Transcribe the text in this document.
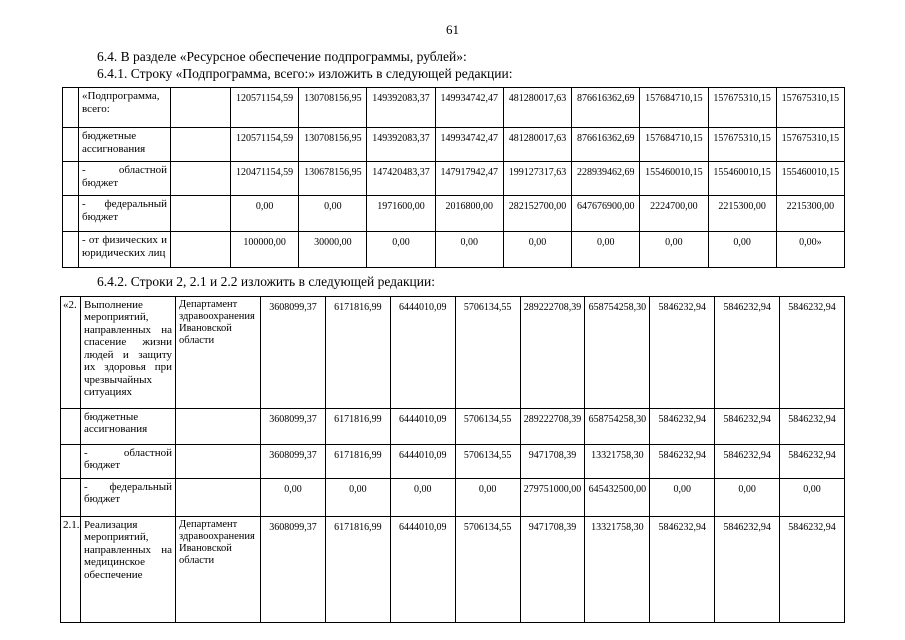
61

6.4. В разделе «Ресурсное обеспечение подпрограммы, рублей»:

6.4.1. Строку «Подпрограмма, всего:» изложить в следующей редакции:

	«Подпрограмма, всего:		120571154,59	130708156,95	149392083,37	149934742,47	481280017,63	876616362,69	157684710,15	157675310,15	157675310,15
	бюджетные ассигнования		120571154,59	130708156,95	149392083,37	149934742,47	481280017,63	876616362,69	157684710,15	157675310,15	157675310,15
	- областной бюджет		120471154,59	130678156,95	147420483,37	147917942,47	199127317,63	228939462,69	155460010,15	155460010,15	155460010,15
	- федеральный бюджет		0,00	0,00	1971600,00	2016800,00	282152700,00	647676900,00	2224700,00	2215300,00	2215300,00
	- от физических и юридических лиц		100000,00	30000,00	0,00	0,00	0,00	0,00	0,00	0,00	0,00»

6.4.2. Строки 2, 2.1 и 2.2 изложить в следующей редакции:

«2.	Выполнение мероприятий, направленных на спасение жизни людей и защиту их здоровья при чрезвычайных ситуациях	Департамент здравоохранения Ивановской области	3608099,37	6171816,99	6444010,09	5706134,55	289222708,39	658754258,30	5846232,94	5846232,94	5846232,94
	бюджетные ассигнования		3608099,37	6171816,99	6444010,09	5706134,55	289222708,39	658754258,30	5846232,94	5846232,94	5846232,94
	- областной бюджет		3608099,37	6171816,99	6444010,09	5706134,55	9471708,39	13321758,30	5846232,94	5846232,94	5846232,94
	- федеральный бюджет		0,00	0,00	0,00	0,00	279751000,00	645432500,00	0,00	0,00	0,00
2.1.	Реализация мероприятий, направленных на медицинское обеспечение	Департамент здравоохранения Ивановской области	3608099,37	6171816,99	6444010,09	5706134,55	9471708,39	13321758,30	5846232,94	5846232,94	5846232,94
